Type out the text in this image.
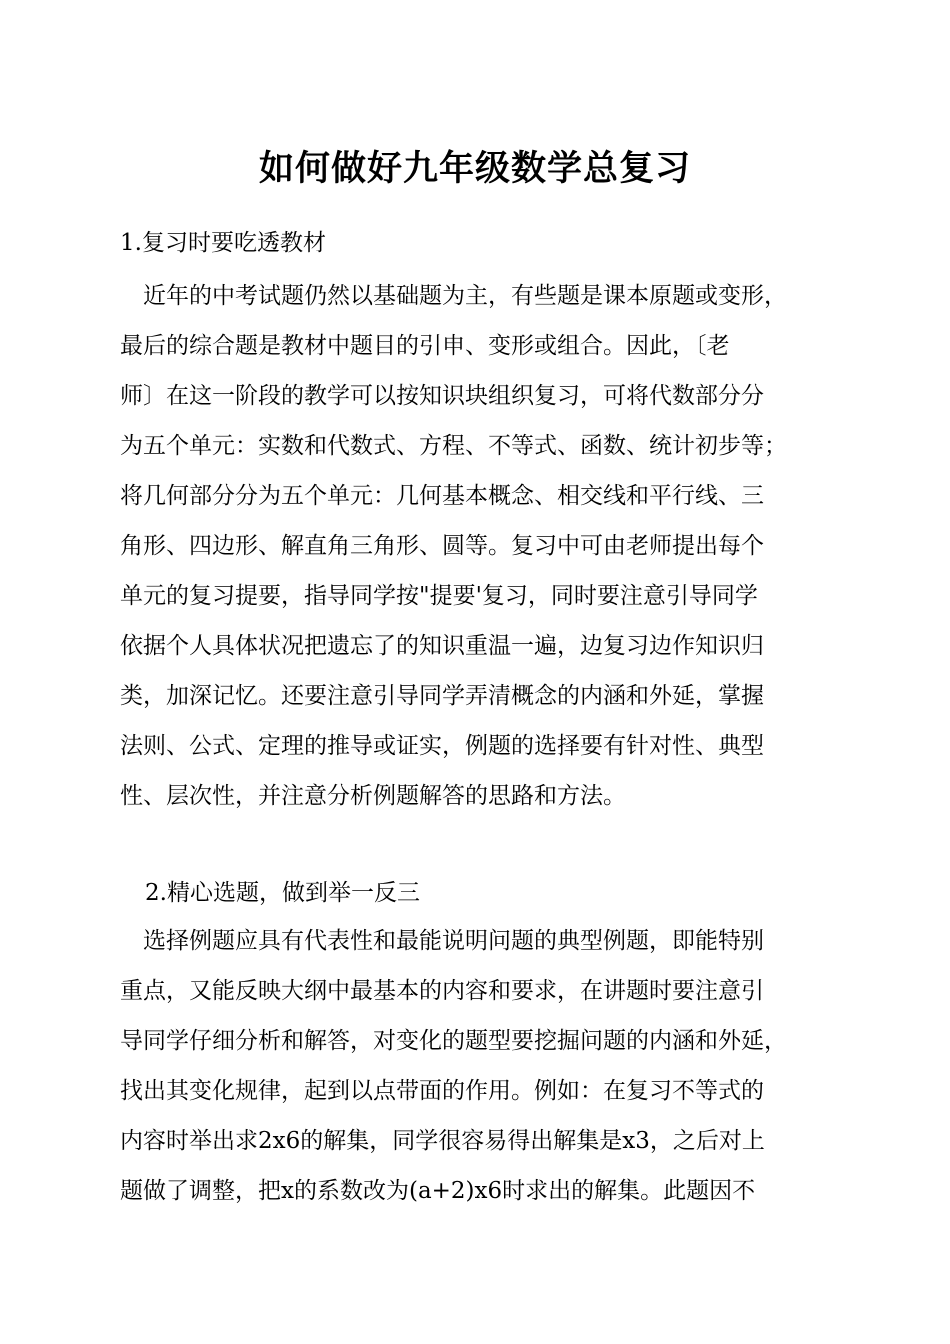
如何做好九年级数学总复习
1.复习时要吃透教材
　近年的中考试题仍然以基础题为主，有些题是课本原题或变形，
最后的综合题是教材中题目的引申、变形或组合。因此，〔老
师〕在这一阶段的教学可以按知识块组织复习，可将代数部分分
为五个单元：实数和代数式、方程、不等式、函数、统计初步等；
将几何部分分为五个单元：几何基本概念、相交线和平行线、三
角形、四边形、解直角三角形、圆等。复习中可由老师提出每个
单元的复习提要，指导同学按"提要'复习，同时要注意引导同学
依据个人具体状况把遗忘了的知识重温一遍，边复习边作知识归
类，加深记忆。还要注意引导同学弄清概念的内涵和外延，掌握
法则、公式、定理的推导或证实，例题的选择要有针对性、典型
性、层次性，并注意分析例题解答的思路和方法。
2.精心选题，做到举一反三
　选择例题应具有代表性和最能说明问题的典型例题，即能特别
重点，又能反映大纲中最基本的内容和要求，在讲题时要注意引
导同学仔细分析和解答，对变化的题型要挖掘问题的内涵和外延，
找出其变化规律，起到以点带面的作用。例如：在复习不等式的
内容时举出求2x6的解集，同学很容易得出解集是x3，之后对上
题做了调整，把x的系数改为(a+2)x6时求出的解集。此题因不
